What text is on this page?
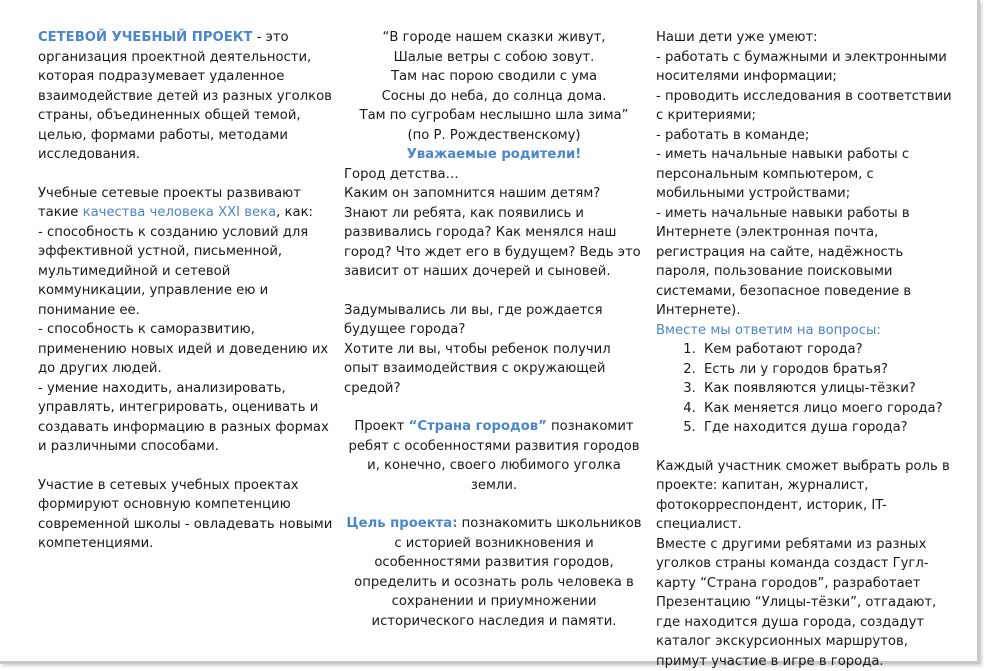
СЕТЕВОЙ УЧЕБНЫЙ ПРОЕКТ - это организация проектной деятельности, которая подразумевает удаленное взаимодействие детей из разных уголков страны, объединенных общей темой, целью, формами работы, методами исследования.

Учебные сетевые проекты развивают такие качества человека XXI века, как:

- способность к созданию условий для эффективной устной, письменной, мультимедийной и сетевой коммуникации, управление ею и понимание ее.
- способность к саморазвитию, применению новых идей и доведению их до других людей.
- умение находить, анализировать, управлять, интегрировать, оценивать и создавать информацию в разных формах и различными способами.

Участие в сетевых учебных проектах формируют основную компетенцию современной школы - овладевать новыми компетенциями.

“В городе нашем сказки живут,

Шалые ветры с собою зовут.

Там нас порою сводили с ума

Сосны до неба, до солнца дома.

Там по сугробам неслышно шла зима”

(по Р. Рождественскому)

Уважаемые родители!

Город детства…

Каким он запомнится нашим детям? Знают ли ребята, как появились и развивались города? Как менялся наш город? Что ждет его в будущем? Ведь это зависит от наших дочерей и сыновей.

Задумывались ли вы, где рождается будущее города?

Хотите ли вы, чтобы ребенок получил опыт взаимодействия с окружающей средой?

Проект “Страна городов” познакомит ребят с особенностями развития городов и, конечно, своего любимого уголка земли.

Цель проекта: познакомить школьников с историей возникновения и особенностями развития городов, определить и осознать роль человека в сохранении и приумножении исторического наследия и памяти.

Наши дети уже умеют:

- работать с бумажными и электронными носителями информации;
- проводить исследования в соответствии с критериями;
- работать в команде;
- иметь начальные навыки работы с персональным компьютером, с мобильными устройствами;
- иметь начальные навыки работы в Интернете (электронная почта, регистрация на сайте, надёжность пароля, пользование поисковыми системами, безопасное поведение в Интернете).

Вместе мы ответим на вопросы:

1. Кем работают города?
2. Есть ли у городов братья?
3. Как появляются улицы-тёзки?
4. Как меняется лицо моего города?
5. Где находится душа города?

Каждый участник сможет выбрать роль в проекте: капитан, журналист, фотокорреспондент, историк, IT-специалист.

Вместе с другими ребятами из разных уголков страны команда создаст Гугл-карту “Страна городов”, разработает Презентацию “Улицы-тёзки”, отгадают, где находится душа города, создадут каталог экскурсионных маршрутов, примут участие в игре в города.
